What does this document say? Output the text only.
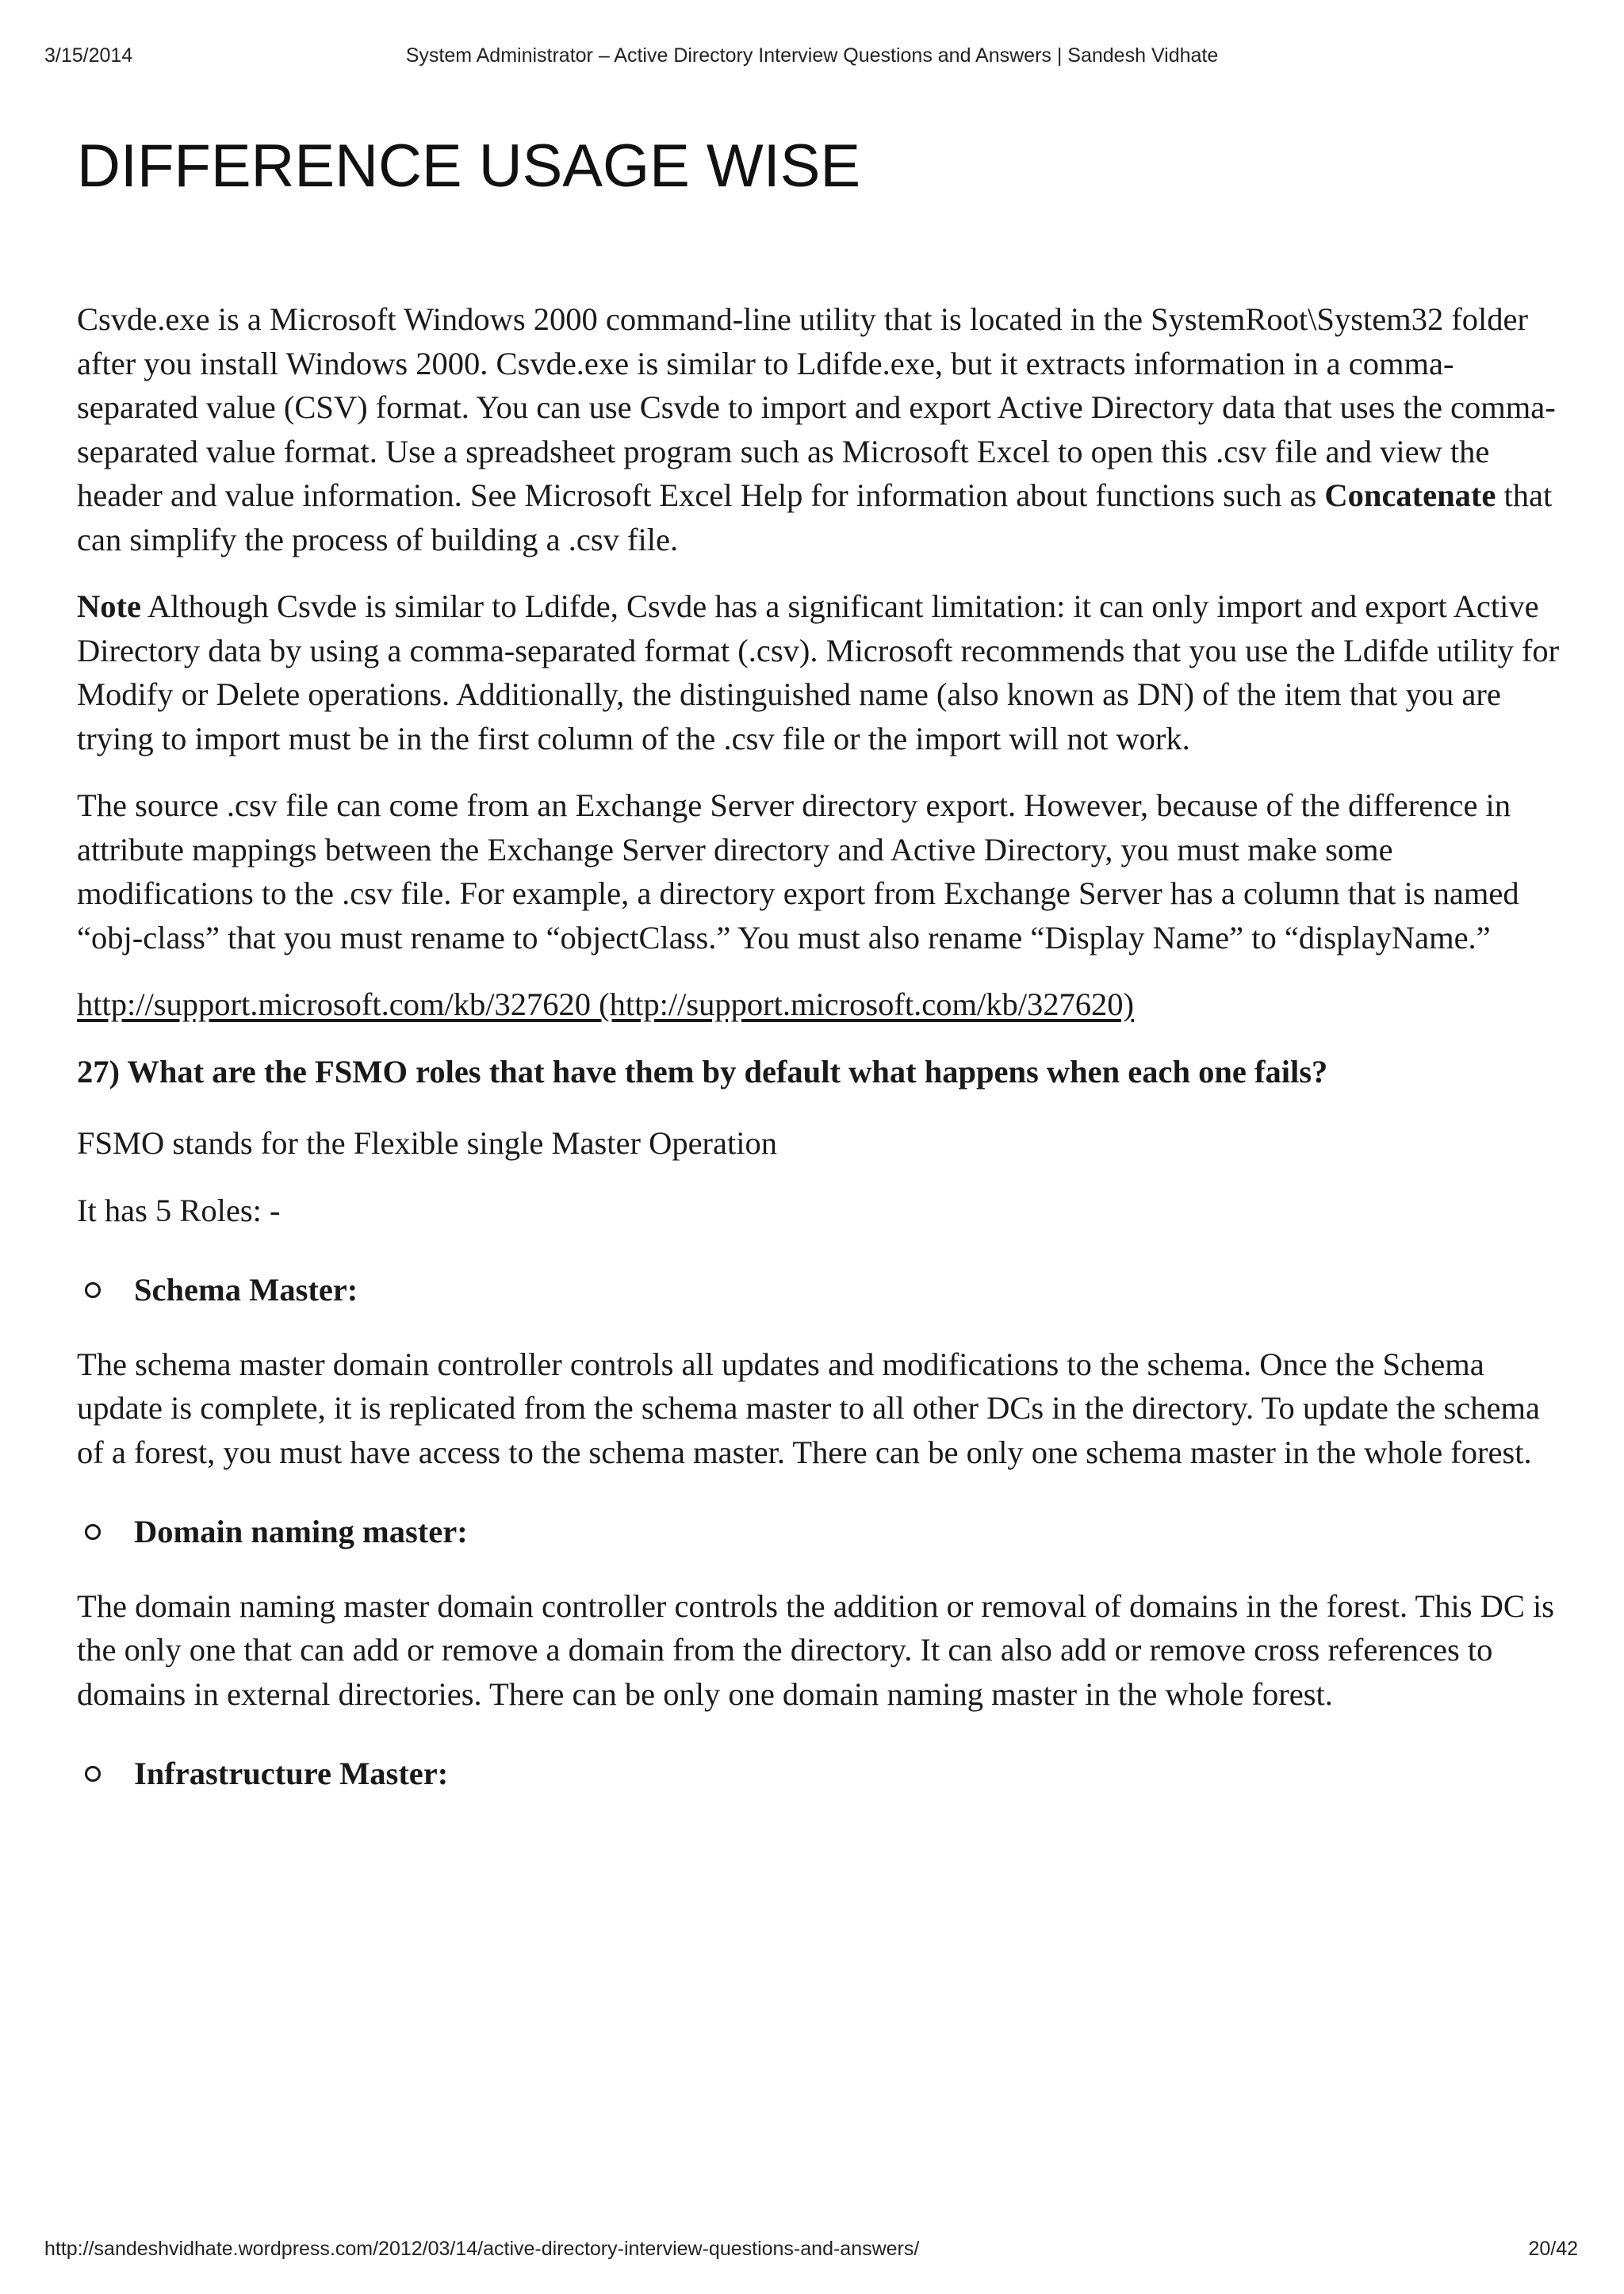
3/15/2014	System Administrator – Active Directory Interview Questions and Answers | Sandesh Vidhate
DIFFERENCE USAGE WISE

Csvde.exe is a Microsoft Windows 2000 command-line utility that is located in the SystemRoot\System32 folder after you install Windows 2000. Csvde.exe is similar to Ldifde.exe, but it extracts information in a comma-separated value (CSV) format. You can use Csvde to import and export Active Directory data that uses the comma-separated value format. Use a spreadsheet program such as Microsoft Excel to open this .csv file and view the header and value information. See Microsoft Excel Help for information about functions such as Concatenate that can simplify the process of building a .csv file.

Note Although Csvde is similar to Ldifde, Csvde has a significant limitation: it can only import and export Active Directory data by using a comma-separated format (.csv). Microsoft recommends that you use the Ldifde utility for Modify or Delete operations. Additionally, the distinguished name (also known as DN) of the item that you are trying to import must be in the first column of the .csv file or the import will not work.

The source .csv file can come from an Exchange Server directory export. However, because of the difference in attribute mappings between the Exchange Server directory and Active Directory, you must make some modifications to the .csv file. For example, a directory export from Exchange Server has a column that is named “obj-class” that you must rename to “objectClass.” You must also rename “Display Name” to “displayName.”

http://support.microsoft.com/kb/327620 (http://support.microsoft.com/kb/327620)

27) What are the FSMO roles that have them by default what happens when each one fails?

FSMO stands for the Flexible single Master Operation

It has 5 Roles: -

Schema Master:

The schema master domain controller controls all updates and modifications to the schema. Once the Schema update is complete, it is replicated from the schema master to all other DCs in the directory. To update the schema of a forest, you must have access to the schema master. There can be only one schema master in the whole forest.

Domain naming master:

The domain naming master domain controller controls the addition or removal of domains in the forest. This DC is the only one that can add or remove a domain from the directory. It can also add or remove cross references to domains in external directories. There can be only one domain naming master in the whole forest.

Infrastructure Master:
http://sandeshvidhate.wordpress.com/2012/03/14/active-directory-interview-questions-and-answers/	20/42
